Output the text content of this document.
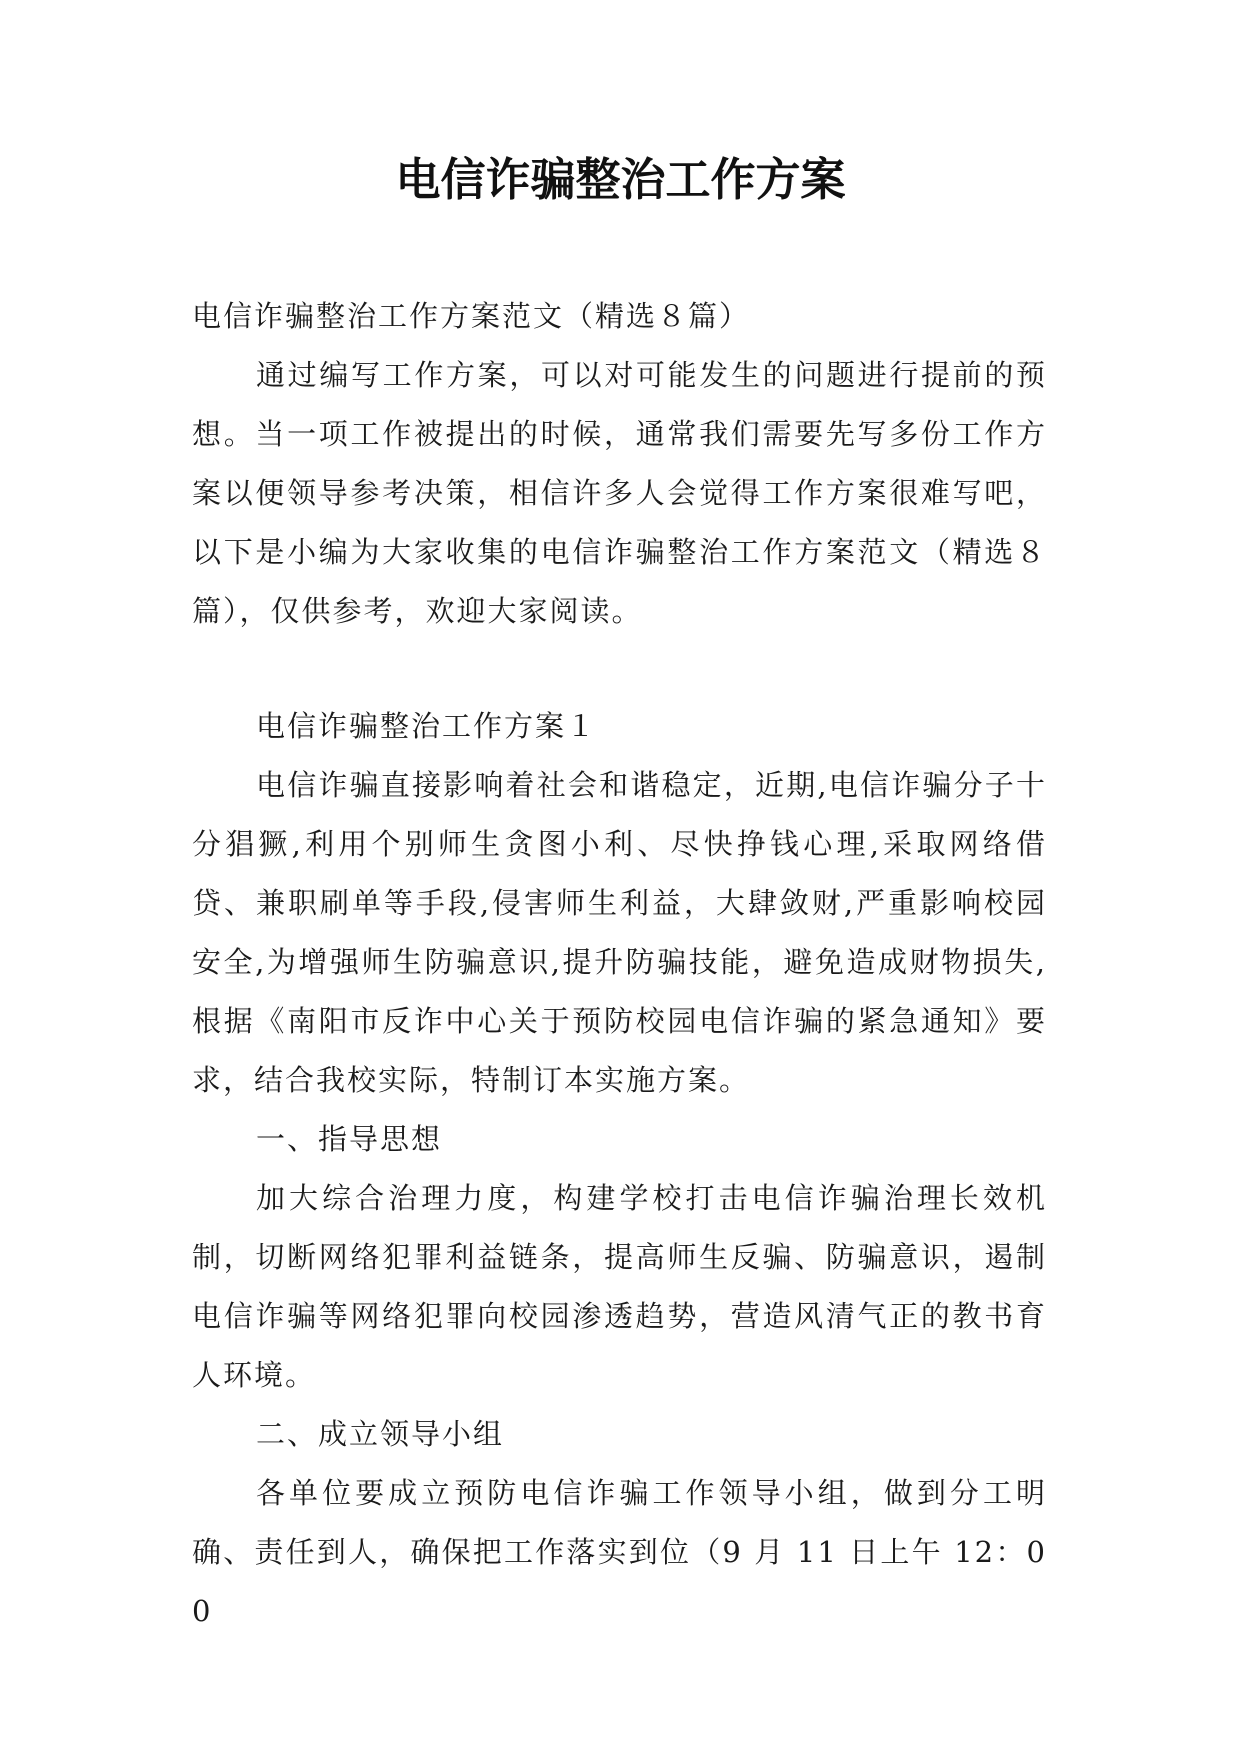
电信诈骗整治工作方案

电信诈骗整治工作方案范文（精选８篇）

通过编写工作方案，可以对可能发生的问题进行提前的预想。当一项工作被提出的时候，通常我们需要先写多份工作方案以便领导参考决策，相信许多人会觉得工作方案很难写吧，以下是小编为大家收集的电信诈骗整治工作方案范文（精选８篇），仅供参考，欢迎大家阅读。

电信诈骗整治工作方案１

电信诈骗直接影响着社会和谐稳定，近期,电信诈骗分子十分猖獗,利用个别师生贪图小利、尽快挣钱心理,采取网络借贷、兼职刷单等手段,侵害师生利益，大肆敛财,严重影响校园安全,为增强师生防骗意识,提升防骗技能，避免造成财物损失,根据《南阳市反诈中心关于预防校园电信诈骗的紧急通知》要求，结合我校实际，特制订本实施方案。

一、指导思想

加大综合治理力度，构建学校打击电信诈骗治理长效机制，切断网络犯罪利益链条，提高师生反骗、防骗意识，遏制电信诈骗等网络犯罪向校园渗透趋势，营造风清气正的教书育人环境。

二、成立领导小组

各单位要成立预防电信诈骗工作领导小组，做到分工明确、责任到人，确保把工作落实到位（9 月 11 日上午 12：00
